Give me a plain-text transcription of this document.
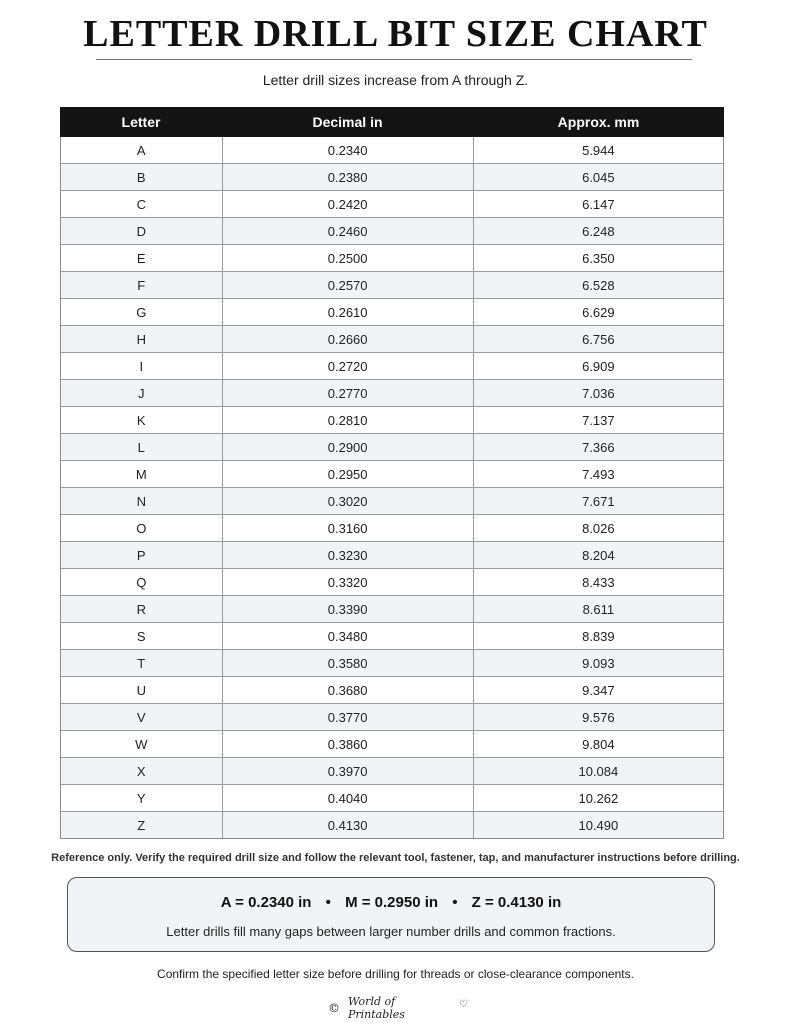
LETTER DRILL BIT SIZE CHART
Letter drill sizes increase from A through Z.
Letter	Decimal in	Approx. mm
A	0.2340	5.944
B	0.2380	6.045
C	0.2420	6.147
D	0.2460	6.248
E	0.2500	6.350
F	0.2570	6.528
G	0.2610	6.629
H	0.2660	6.756
I	0.2720	6.909
J	0.2770	7.036
K	0.2810	7.137
L	0.2900	7.366
M	0.2950	7.493
N	0.3020	7.671
O	0.3160	8.026
P	0.3230	8.204
Q	0.3320	8.433
R	0.3390	8.611
S	0.3480	8.839
T	0.3580	9.093
U	0.3680	9.347
V	0.3770	9.576
W	0.3860	9.804
X	0.3970	10.084
Y	0.4040	10.262
Z	0.4130	10.490
Reference only. Verify the required drill size and follow the relevant tool, fastener, tap, and manufacturer instructions before drilling.
A = 0.2340 in • M = 0.2950 in • Z = 0.4130 in
Letter drills fill many gaps between larger number drills and common fractions.
Confirm the specified letter size before drilling for threads or close-clearance components.
© World of Printables
♡
